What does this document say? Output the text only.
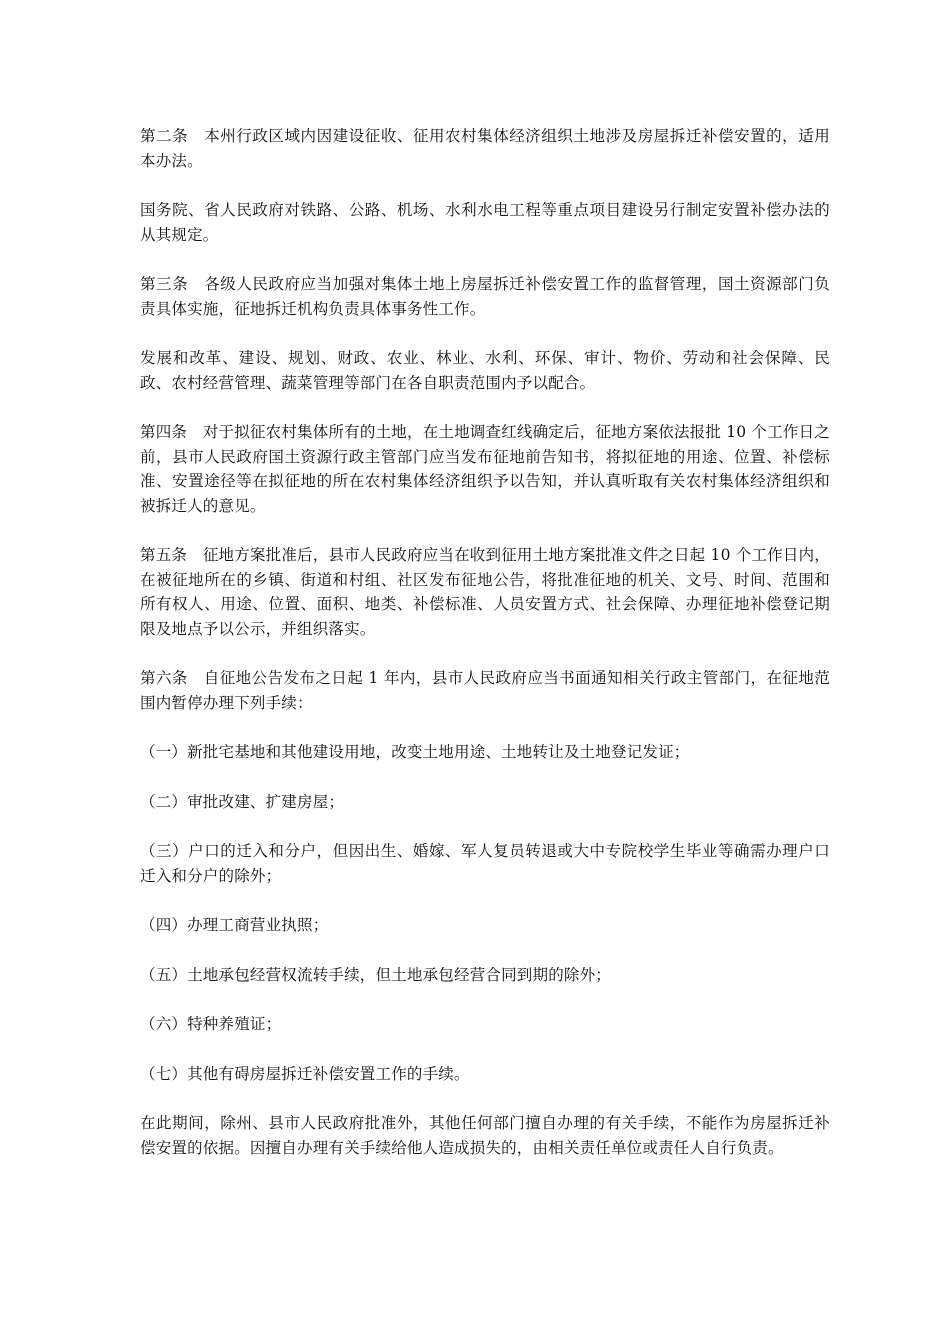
第二条　本州行政区域内因建设征收、征用农村集体经济组织土地涉及房屋拆迁补偿安置的，适用本办法。

国务院、省人民政府对铁路、公路、机场、水利水电工程等重点项目建设另行制定安置补偿办法的从其规定。

第三条　各级人民政府应当加强对集体土地上房屋拆迁补偿安置工作的监督管理，国土资源部门负责具体实施，征地拆迁机构负责具体事务性工作。

发展和改革、建设、规划、财政、农业、林业、水利、环保、审计、物价、劳动和社会保障、民政、农村经营管理、蔬菜管理等部门在各自职责范围内予以配合。

第四条　对于拟征农村集体所有的土地，在土地调查红线确定后，征地方案依法报批 10 个工作日之前，县市人民政府国土资源行政主管部门应当发布征地前告知书，将拟征地的用途、位置、补偿标准、安置途径等在拟征地的所在农村集体经济组织予以告知，并认真听取有关农村集体经济组织和被拆迁人的意见。

第五条　征地方案批准后，县市人民政府应当在收到征用土地方案批准文件之日起 10 个工作日内，在被征地所在的乡镇、街道和村组、社区发布征地公告，将批准征地的机关、文号、时间、范围和所有权人、用途、位置、面积、地类、补偿标准、人员安置方式、社会保障、办理征地补偿登记期限及地点予以公示，并组织落实。

第六条　自征地公告发布之日起 1 年内，县市人民政府应当书面通知相关行政主管部门，在征地范围内暂停办理下列手续：

（一）新批宅基地和其他建设用地，改变土地用途、土地转让及土地登记发证；

（二）审批改建、扩建房屋；

（三）户口的迁入和分户，但因出生、婚嫁、军人复员转退或大中专院校学生毕业等确需办理户口迁入和分户的除外；

（四）办理工商营业执照；

（五）土地承包经营权流转手续，但土地承包经营合同到期的除外；

（六）特种养殖证；

（七）其他有碍房屋拆迁补偿安置工作的手续。

在此期间，除州、县市人民政府批准外，其他任何部门擅自办理的有关手续，不能作为房屋拆迁补偿安置的依据。因擅自办理有关手续给他人造成损失的，由相关责任单位或责任人自行负责。
